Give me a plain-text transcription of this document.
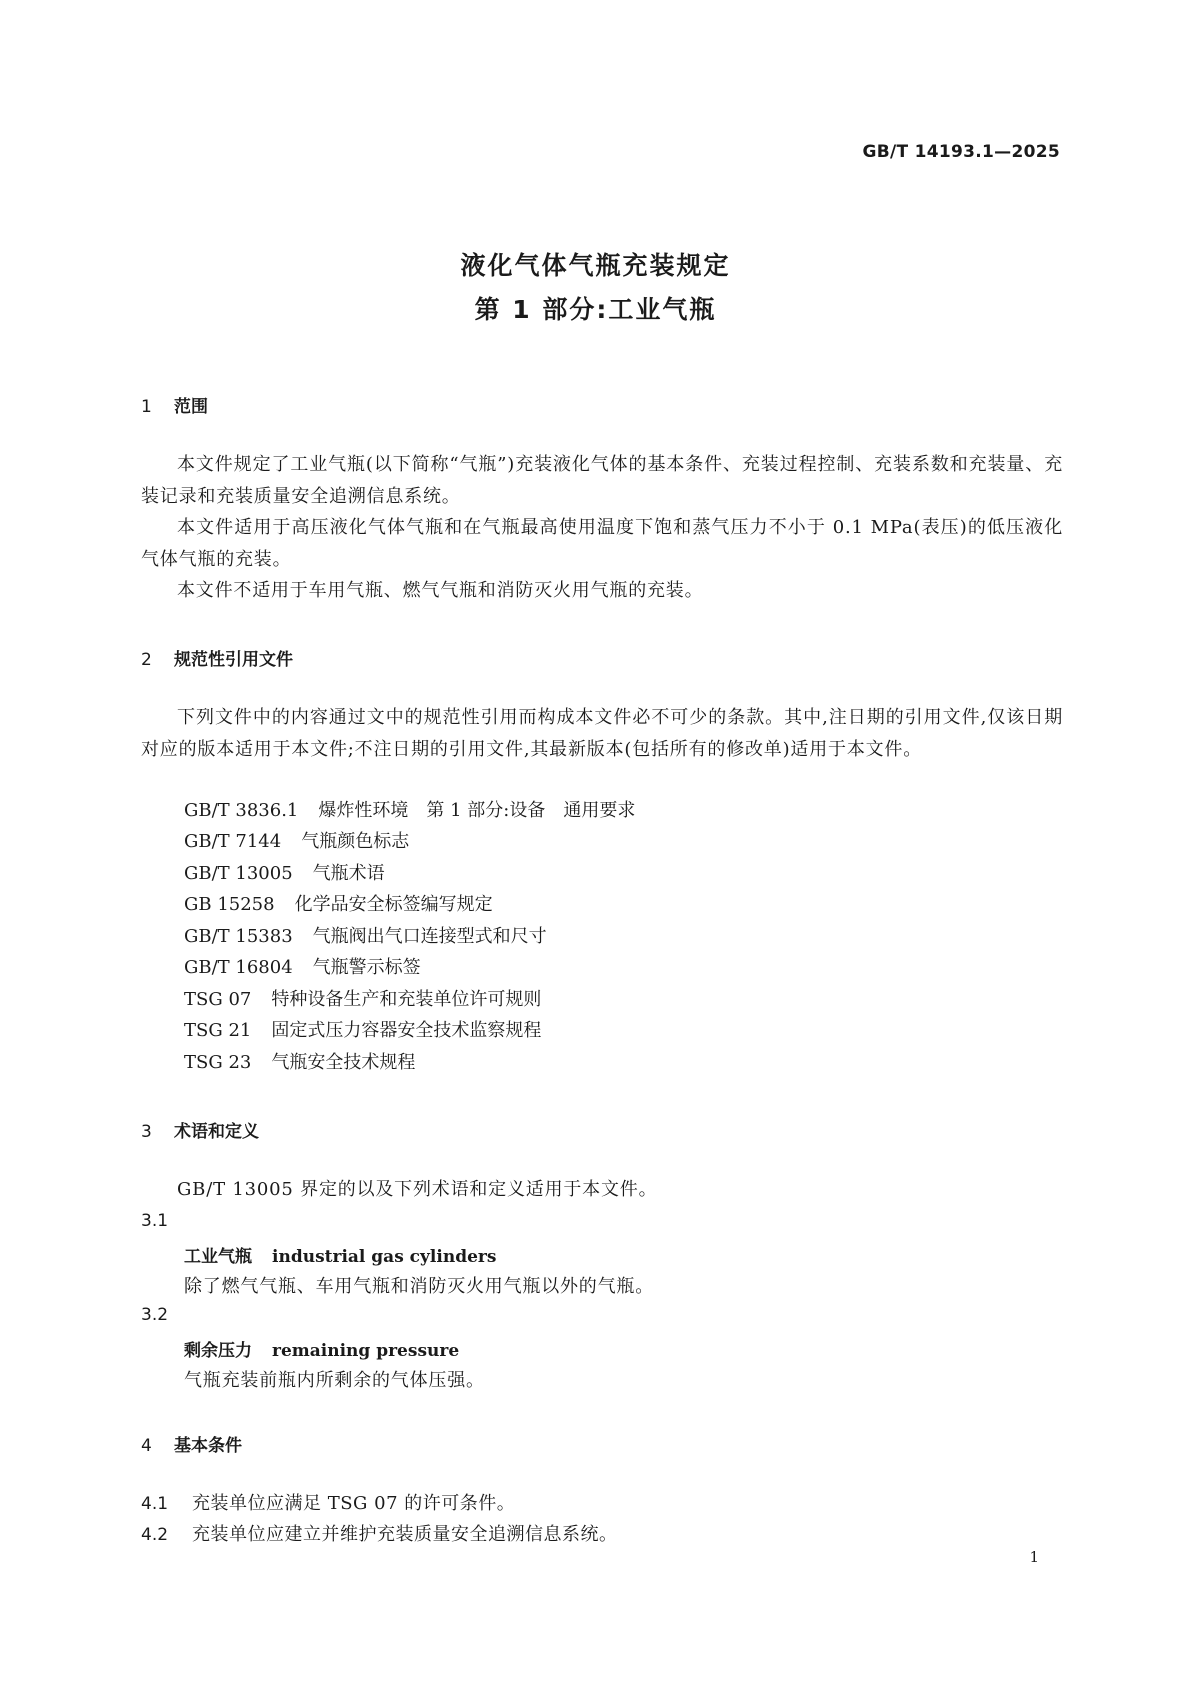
GB/T 14193.1—2025
液化气体气瓶充装规定
第 1 部分:工业气瓶
1 范围
本文件规定了工业气瓶(以下简称“气瓶”)充装液化气体的基本条件、充装过程控制、充装系数和充装量、充装记录和充装质量安全追溯信息系统。
本文件适用于高压液化气体气瓶和在气瓶最高使用温度下饱和蒸气压力不小于 0.1 MPa(表压)的低压液化气体气瓶的充装。
本文件不适用于车用气瓶、燃气气瓶和消防灭火用气瓶的充装。
2 规范性引用文件
下列文件中的内容通过文中的规范性引用而构成本文件必不可少的条款。其中,注日期的引用文件,仅该日期对应的版本适用于本文件;不注日期的引用文件,其最新版本(包括所有的修改单)适用于本文件。
GB/T 3836.1 爆炸性环境　第 1 部分:设备　通用要求
GB/T 7144 气瓶颜色标志
GB/T 13005 气瓶术语
GB 15258 化学品安全标签编写规定
GB/T 15383 气瓶阀出气口连接型式和尺寸
GB/T 16804 气瓶警示标签
TSG 07 特种设备生产和充装单位许可规则
TSG 21 固定式压力容器安全技术监察规程
TSG 23 气瓶安全技术规程
3 术语和定义
GB/T 13005 界定的以及下列术语和定义适用于本文件。
3.1
工业气瓶 industrial gas cylinders
除了燃气气瓶、车用气瓶和消防灭火用气瓶以外的气瓶。
3.2
剩余压力 remaining pressure
气瓶充装前瓶内所剩余的气体压强。
4 基本条件
4.1 充装单位应满足 TSG 07 的许可条件。
4.2 充装单位应建立并维护充装质量安全追溯信息系统。
1
